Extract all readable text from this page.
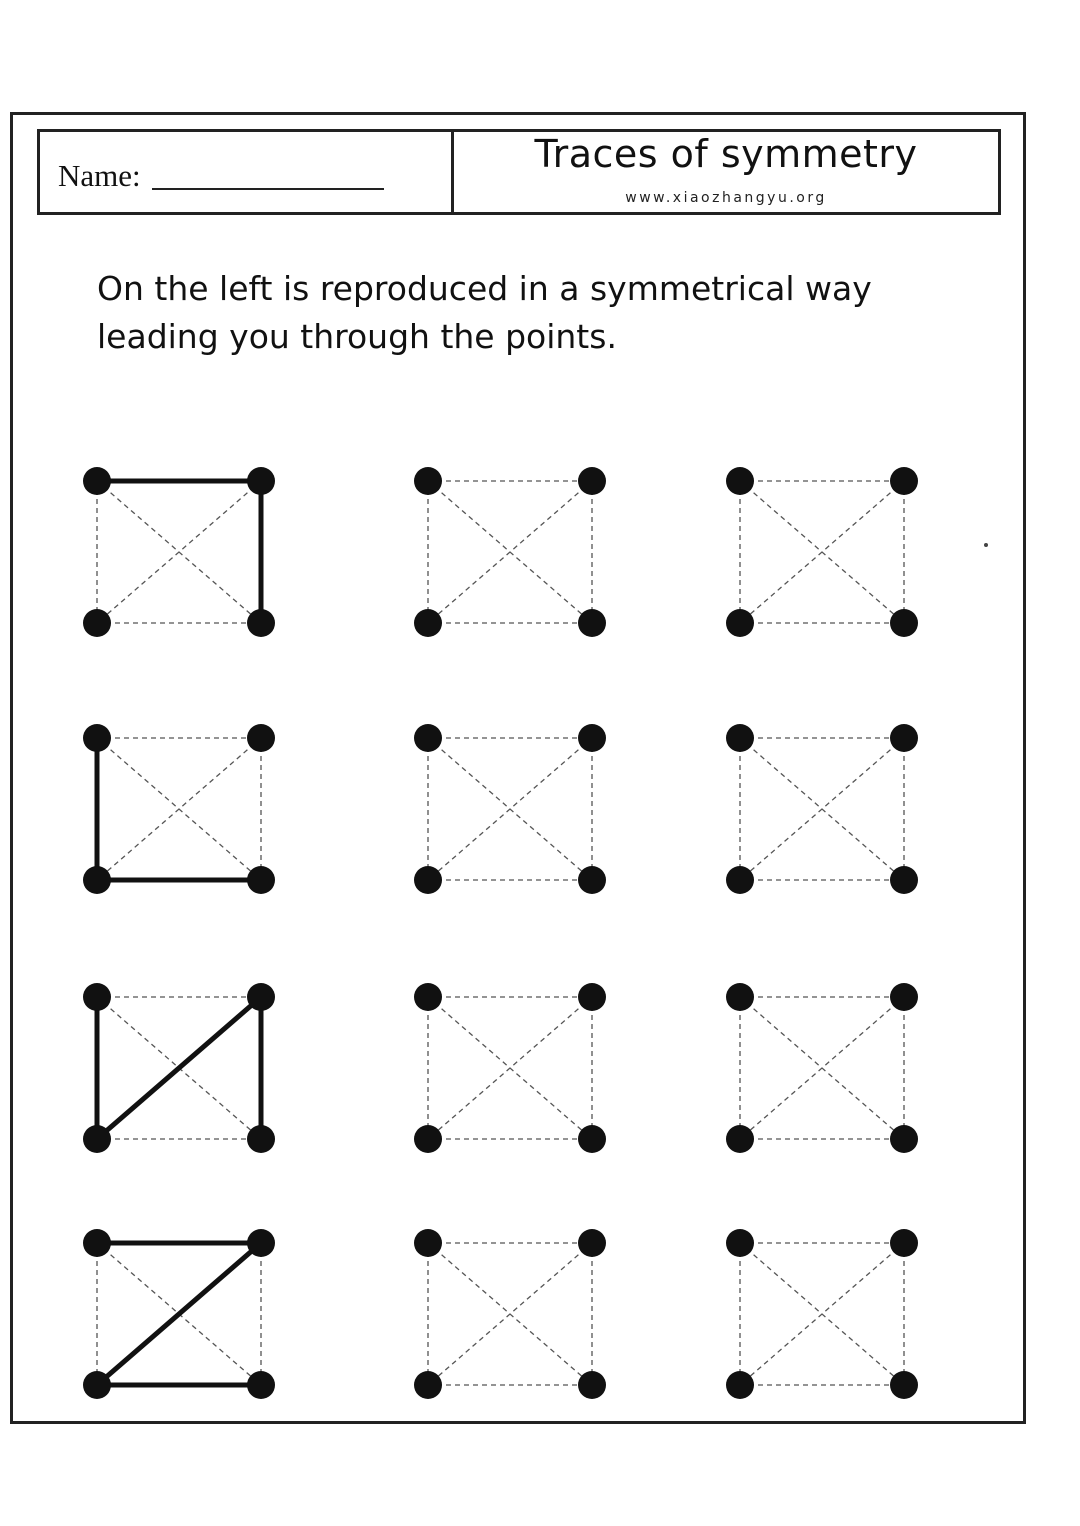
Name:	Traces of symmetry
www.xiaozhangyu.org
On the left is reproduced in a symmetrical way
leading you through the points.
